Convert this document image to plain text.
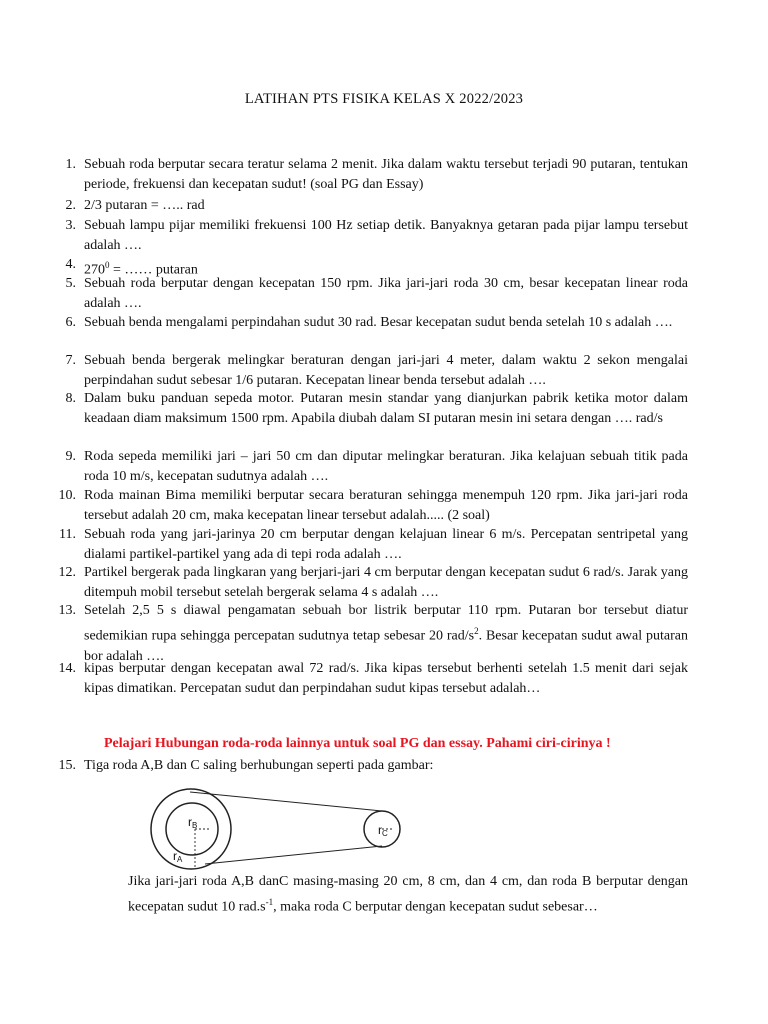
LATIHAN PTS FISIKA KELAS X 2022/2023
1. Sebuah roda berputar secara teratur selama 2 menit. Jika dalam waktu tersebut terjadi 90 putaran, tentukan periode, frekuensi dan kecepatan sudut! (soal PG dan Essay)
2. 2/3 putaran = ….. rad
3. Sebuah lampu pijar memiliki frekuensi 100 Hz setiap detik. Banyaknya getaran pada pijar lampu tersebut adalah ….
4. $270^0$ = …… putaran
5. Sebuah roda berputar dengan kecepatan 150 rpm. Jika jari-jari roda 30 cm, besar kecepatan linear roda adalah ….
6. Sebuah benda mengalami perpindahan sudut 30 rad. Besar kecepatan sudut benda setelah 10 s adalah ….
7. Sebuah benda bergerak melingkar beraturan dengan jari-jari 4 meter, dalam waktu 2 sekon mengalai perpindahan sudut sebesar 1/6 putaran. Kecepatan linear benda tersebut adalah ….
8. Dalam buku panduan sepeda motor. Putaran mesin standar yang dianjurkan pabrik ketika motor dalam keadaan diam maksimum 1500 rpm. Apabila diubah dalam SI putaran mesin ini setara dengan …. rad/s
9. Roda sepeda memiliki jari – jari 50 cm dan diputar melingkar beraturan. Jika kelajuan sebuah titik pada roda 10 m/s, kecepatan sudutnya adalah ….
10. Roda mainan Bima memiliki berputar secara beraturan sehingga menempuh 120 rpm. Jika jari-jari roda tersebut adalah 20 cm, maka kecepatan linear tersebut adalah..... (2 soal)
11. Sebuah roda yang jari-jarinya 20 cm berputar dengan kelajuan linear 6 m/s. Percepatan sentripetal yang dialami partikel-partikel yang ada di tepi roda adalah ….
12. Partikel bergerak pada lingkaran yang berjari-jari 4 cm berputar dengan kecepatan sudut 6 rad/s. Jarak yang ditempuh mobil tersebut setelah bergerak selama 4 s adalah ….
13. Setelah 2,5 5 s diawal pengamatan sebuah bor listrik berputar 110 rpm. Putaran bor tersebut diatur sedemikian rupa sehingga percepatan sudutnya tetap sebesar 20 rad/$s^2$. Besar kecepatan sudut awal putaran bor adalah ….
14. kipas berputar dengan kecepatan awal 72 rad/s. Jika kipas tersebut berhenti setelah 1.5 menit dari sejak kipas dimatikan. Percepatan sudut dan perpindahan sudut kipas tersebut adalah…
Pelajari Hubungan roda-roda lainnya untuk soal PG dan essay. Pahami ciri-cirinya !
15. Tiga roda A,B dan C saling berhubungan seperti pada gambar:
rB
rA
rC
Jika jari-jari roda A,B danC masing-masing 20 cm, 8 cm, dan 4 cm, dan roda B berputar dengan kecepatan sudut 10 $rad.s^{-1}$, maka roda C berputar dengan kecepatan sudut sebesar…
